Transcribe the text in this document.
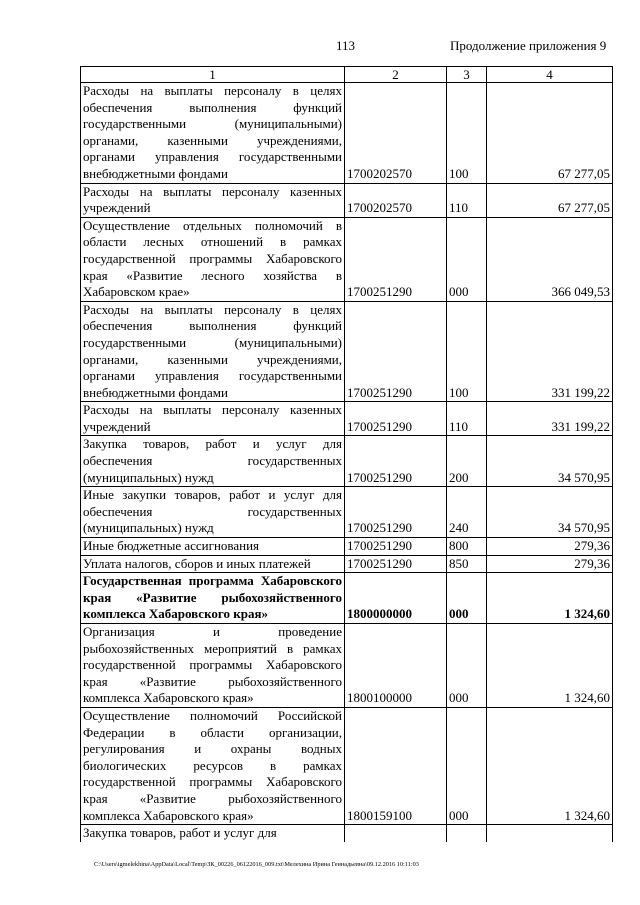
113	Продолжение приложения 9
1	2	3	4
Расходы на выплаты персоналу в целях обеспечения выполнения функций государственными (муниципальными) органами, казенными учреждениями, органами управления государственными внебюджетными фондами	1700202570	100	67 277,05
Расходы на выплаты персоналу казенных учреждений	1700202570	110	67 277,05
Осуществление отдельных полномочий в области лесных отношений в рамках государственной программы Хабаровского края «Развитие лесного хозяйства в Хабаровском крае»	1700251290	000	366 049,53
Расходы на выплаты персоналу в целях обеспечения выполнения функций государственными (муниципальными) органами, казенными учреждениями, органами управления государственными внебюджетными фондами	1700251290	100	331 199,22
Расходы на выплаты персоналу казенных учреждений	1700251290	110	331 199,22
Закупка товаров, работ и услуг для обеспечения государственных (муниципальных) нужд	1700251290	200	34 570,95
Иные закупки товаров, работ и услуг для обеспечения государственных (муниципальных) нужд	1700251290	240	34 570,95
Иные бюджетные ассигнования	1700251290	800	279,36
Уплата налогов, сборов и иных платежей	1700251290	850	279,36
Государственная программа Хабаровского края «Развитие рыбохозяйственного комплекса Хабаровского края»	1800000000	000	1 324,60
Организация и проведение рыбохозяйственных мероприятий в рамках государственной программы Хабаровского края «Развитие рыбохозяйственного комплекса Хабаровского края»	1800100000	000	1 324,60
Осуществление полномочий Российской Федерации в области организации, регулирования и охраны водных биологических ресурсов в рамках государственной программы Хабаровского края «Развитие рыбохозяйственного комплекса Хабаровского края»	1800159100	000	1 324,60
Закупка товаров, работ и услуг для			
C:\Users\igmelekhina\AppData\Local\Temp\ЗК_00226_06122016_009.txt\Мелехина Ирина Геннадьевна\09.12.2016 10:11:03
